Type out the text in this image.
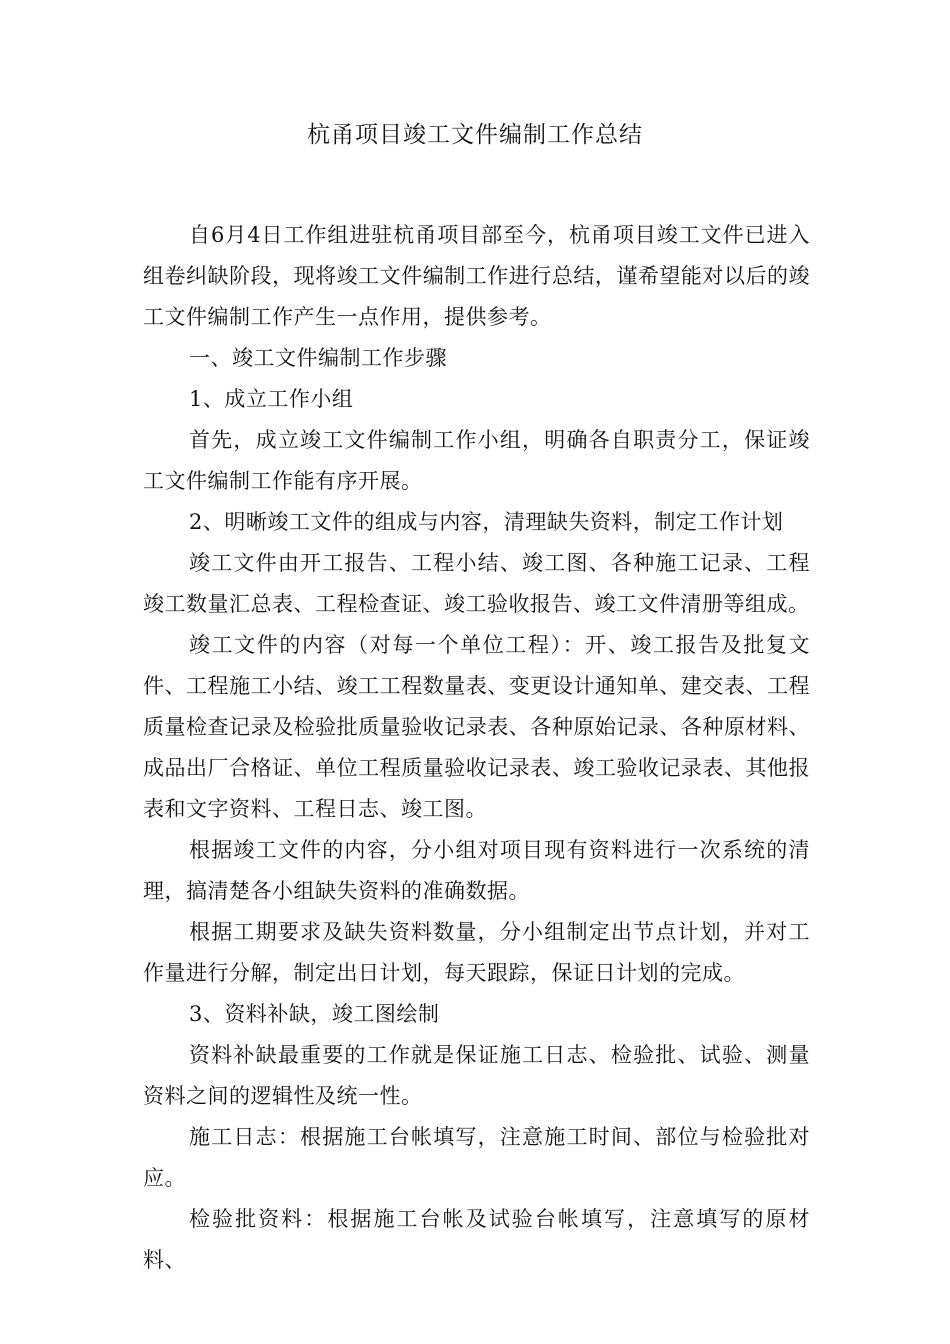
杭甬项目竣工文件编制工作总结

自6月4日工作组进驻杭甬项目部至今，杭甬项目竣工文件已进入组卷纠缺阶段，现将竣工文件编制工作进行总结，谨希望能对以后的竣工文件编制工作产生一点作用，提供参考。

一、竣工文件编制工作步骤

1、成立工作小组

首先，成立竣工文件编制工作小组，明确各自职责分工，保证竣工文件编制工作能有序开展。

2、明晰竣工文件的组成与内容，清理缺失资料，制定工作计划

竣工文件由开工报告、工程小结、竣工图、各种施工记录、工程竣工数量汇总表、工程检查证、竣工验收报告、竣工文件清册等组成。

竣工文件的内容（对每一个单位工程）：开、竣工报告及批复文件、工程施工小结、竣工工程数量表、变更设计通知单、建交表、工程质量检查记录及检验批质量验收记录表、各种原始记录、各种原材料、成品出厂合格证、单位工程质量验收记录表、竣工验收记录表、其他报表和文字资料、工程日志、竣工图。

根据竣工文件的内容，分小组对项目现有资料进行一次系统的清理，搞清楚各小组缺失资料的准确数据。

根据工期要求及缺失资料数量，分小组制定出节点计划，并对工作量进行分解，制定出日计划，每天跟踪，保证日计划的完成。

3、资料补缺，竣工图绘制

资料补缺最重要的工作就是保证施工日志、检验批、试验、测量资料之间的逻辑性及统一性。

施工日志：根据施工台帐填写，注意施工时间、部位与检验批对应。

检验批资料：根据施工台帐及试验台帐填写，注意填写的原材料、
